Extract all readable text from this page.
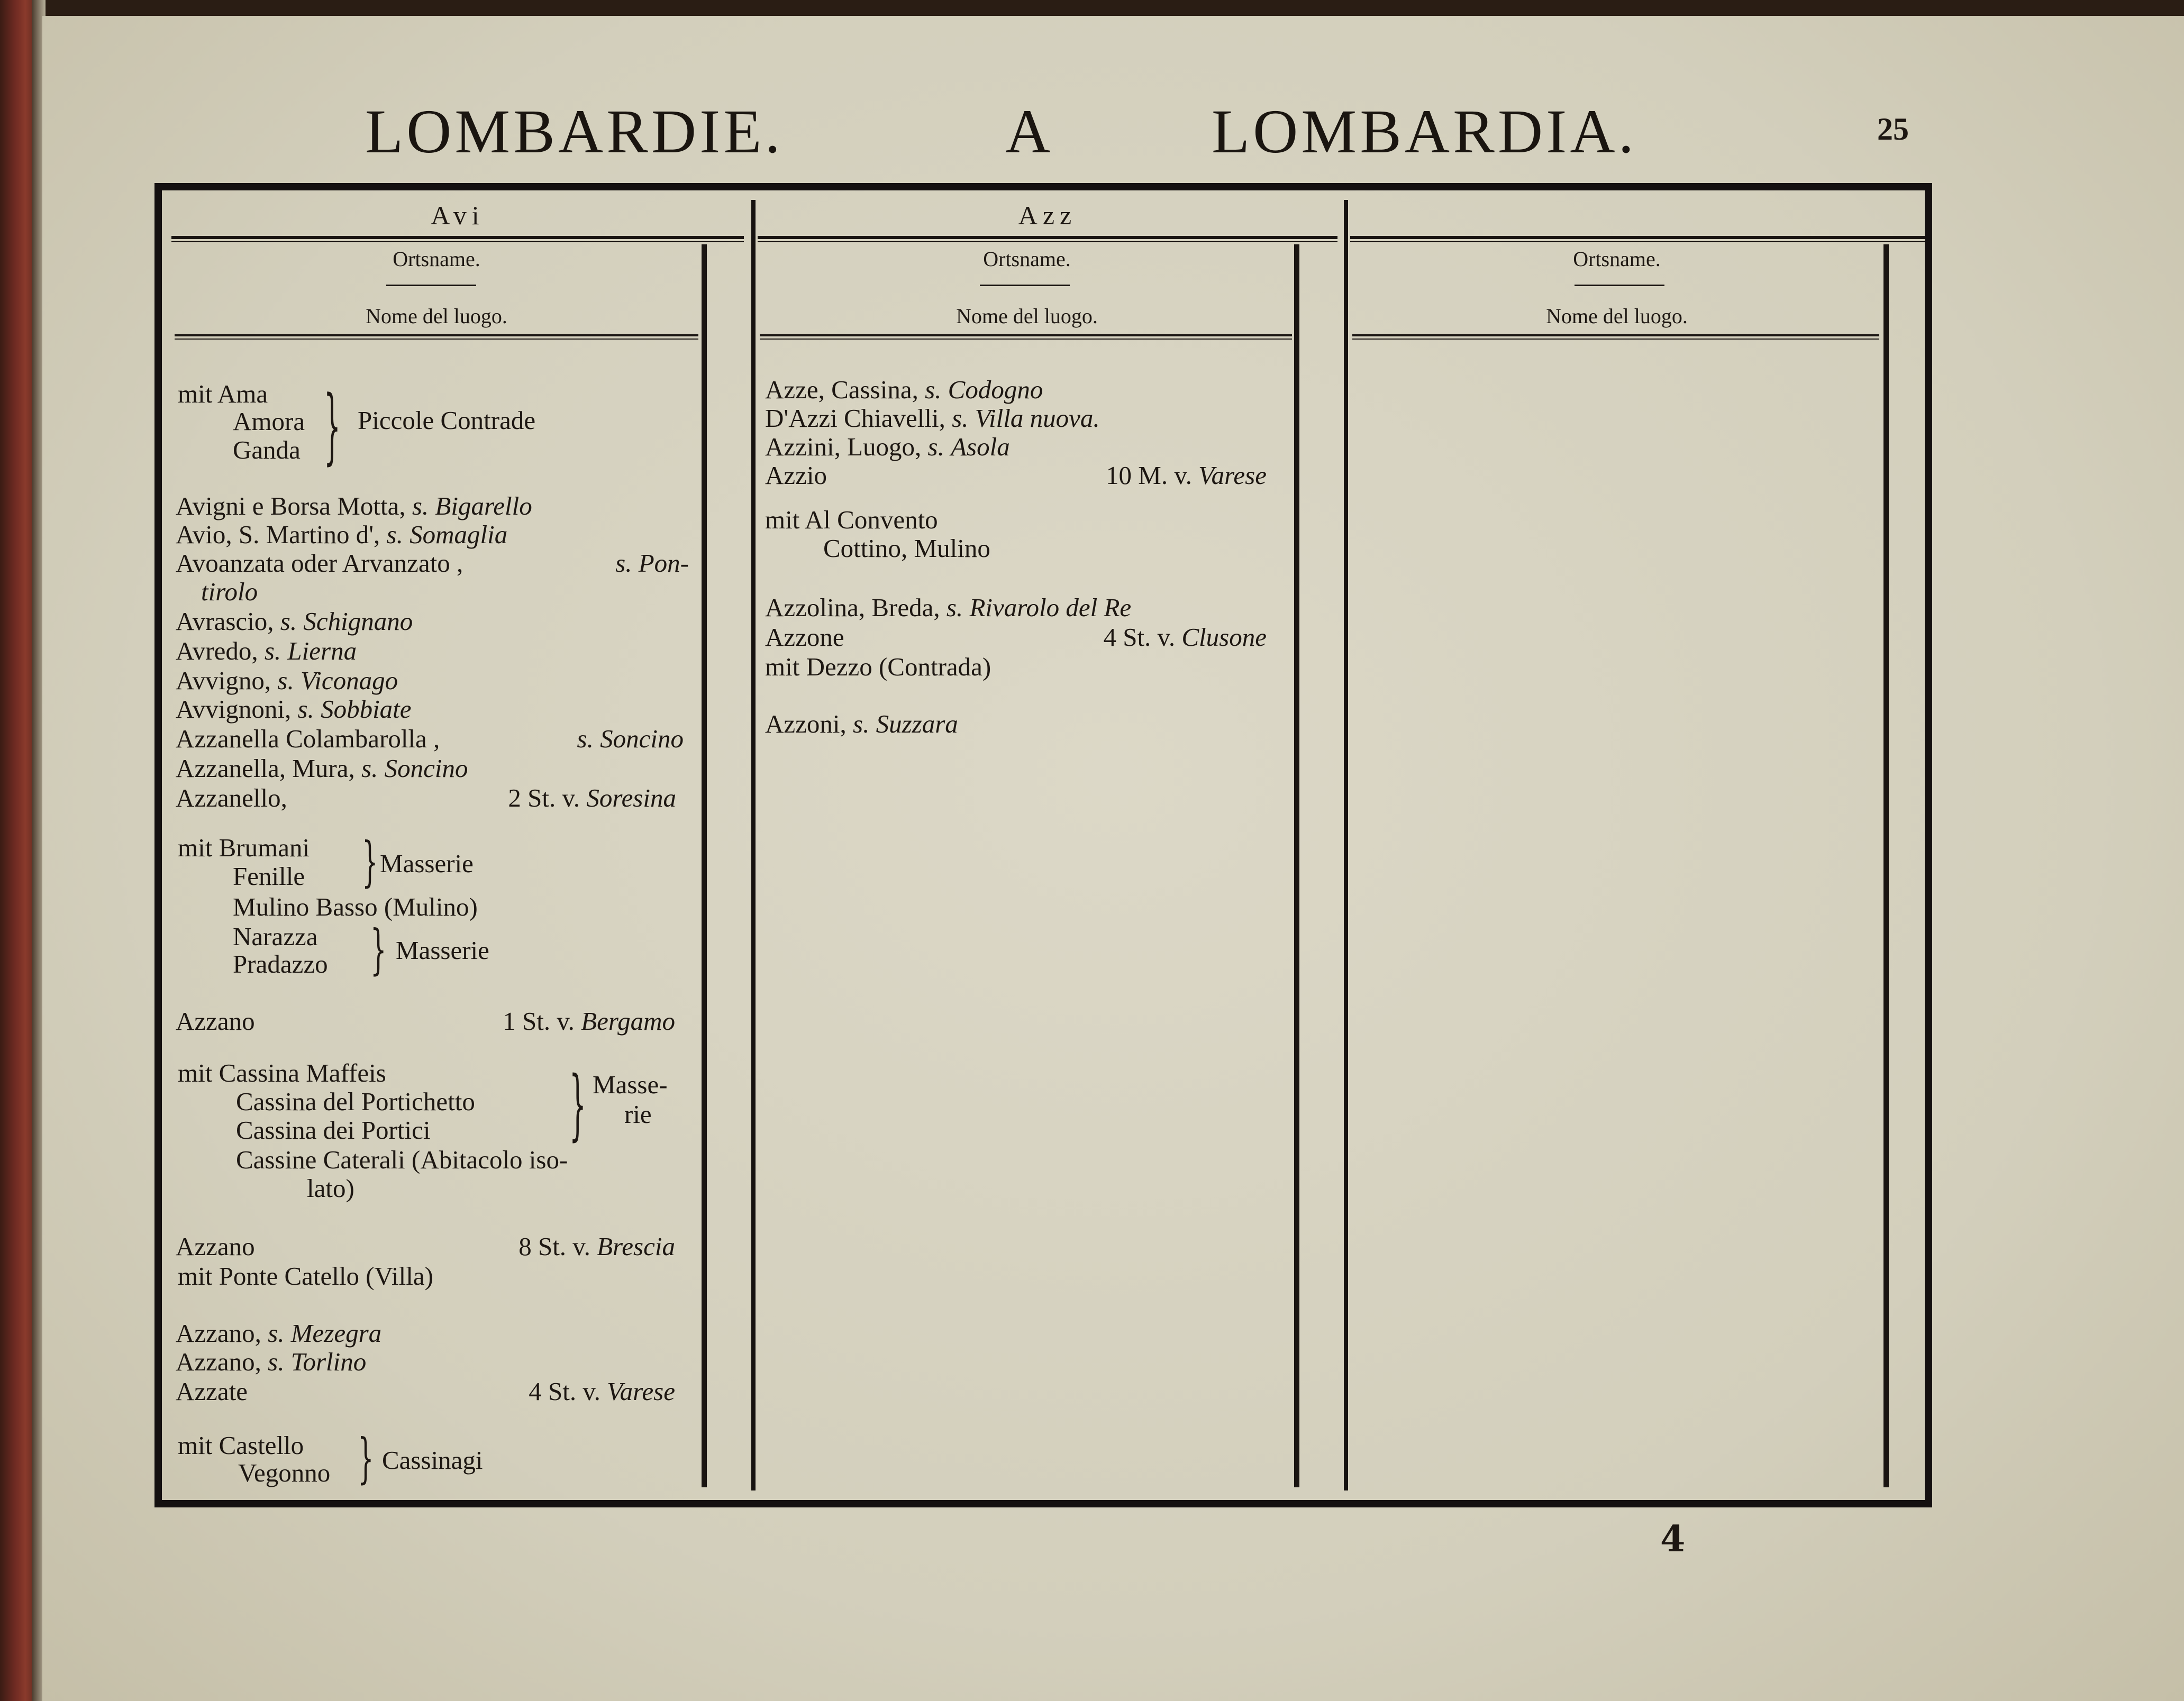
LOMBARDIE.	A	LOMBARDIA.	25
Avi	Azz
Ortsname.
Nome del luogo.
Ortsname.
Nome del luogo.
Ortsname.
Nome del luogo.
mit Ama
Amora
Ganda } Piccole Contrade
Avigni e Borsa Motta, s. Bigarello
Avio, S. Martino d', s. Somaglia
Avoanzata oder Arvanzato ,	s. Pon-
tirolo
Avrascio, s. Schignano
Avredo, s. Lierna
Avvigno, s. Viconago
Avvignoni, s. Sobbiate
Azzanella Colambarolla ,	s. Soncino
Azzanella, Mura, s. Soncino
Azzanello,	2 St. v. Soresina
mit Brumani
Fenille } Masserie
Mulino Basso (Mulino)
Narazza
Pradazzo } Masserie
Azzano	1 St. v. Bergamo
mit Cassina Maffeis
Cassina del Portichetto
Cassina dei Portici	} Masse-
rie
Cassine Caterali (Abitacolo iso-
lato)
Azzano	8 St. v. Brescia
mit Ponte Catello (Villa)
Azzano, s. Mezegra
Azzano, s. Torlino
Azzate	4 St. v. Varese
mit Castello
Vegonno } Cassinagi
Azze, Cassina, s. Codogno
D'Azzi Chiavelli, s. Villa nuova.
Azzini, Luogo, s. Asola
Azzio	10 M. v. Varese
mit Al Convento
Cottino, Mulino
Azzolina, Breda, s. Rivarolo del Re
Azzone	4 St. v. Clusone
mit Dezzo (Contrada)
Azzoni, s. Suzzara
4
